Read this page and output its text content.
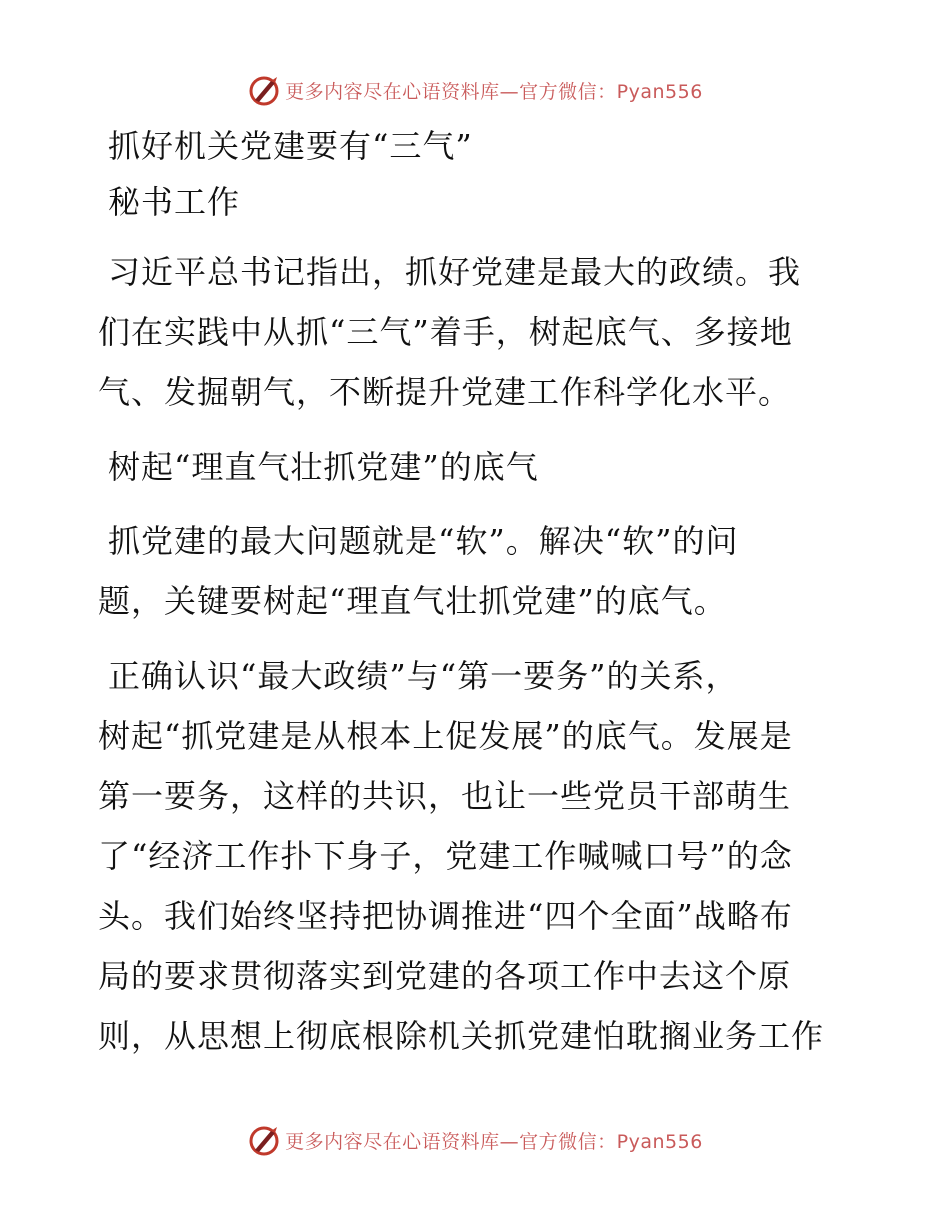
更多内容尽在心语资料库—官方微信：Pyan556
抓好机关党建要有“三气”
秘书工作
习近平总书记指出，抓好党建是最大的政绩。我
们在实践中从抓“三气”着手，树起底气、多接地
气、发掘朝气，不断提升党建工作科学化水平。
树起“理直气壮抓党建”的底气
抓党建的最大问题就是“软”。解决“软”的问
题，关键要树起“理直气壮抓党建”的底气。
正确认识“最大政绩”与“第一要务”的关系，
树起“抓党建是从根本上促发展”的底气。发展是
第一要务，这样的共识，也让一些党员干部萌生
了“经济工作扑下身子，党建工作喊喊口号”的念
头。我们始终坚持把协调推进“四个全面”战略布
局的要求贯彻落实到党建的各项工作中去这个原
则，从思想上彻底根除机关抓党建怕耽搁业务工作
更多内容尽在心语资料库—官方微信：Pyan556
